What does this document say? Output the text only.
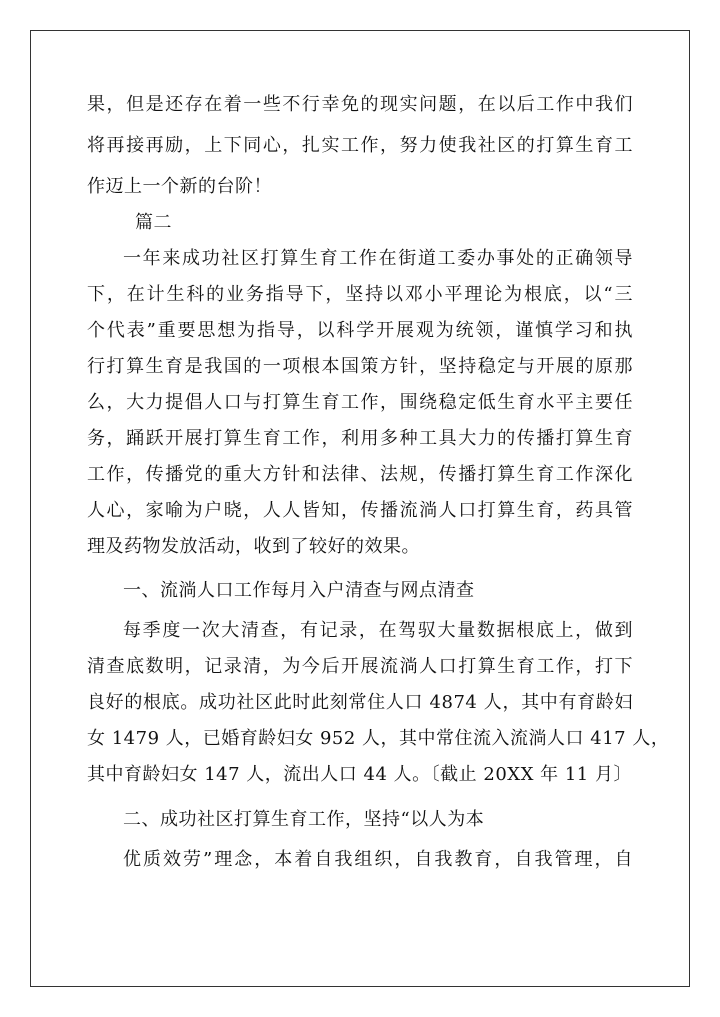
果，但是还存在着一些不行幸免的现实问题，在以后工作中我们
将再接再励，上下同心，扎实工作，努力使我社区的打算生育工
作迈上一个新的台阶！
篇二
一年来成功社区打算生育工作在街道工委办事处的正确领导
下，在计生科的业务指导下，坚持以邓小平理论为根底，以“三
个代表”重要思想为指导，以科学开展观为统领，谨慎学习和执
行打算生育是我国的一项根本国策方针，坚持稳定与开展的原那
么，大力提倡人口与打算生育工作，围绕稳定低生育水平主要任
务，踊跃开展打算生育工作，利用多种工具大力的传播打算生育
工作，传播党的重大方针和法律、法规，传播打算生育工作深化
人心，家喻为户晓，人人皆知，传播流淌人口打算生育，药具管
理及药物发放活动，收到了较好的效果。
一、流淌人口工作每月入户清查与网点清查
每季度一次大清查，有记录，在驾驭大量数据根底上，做到
清查底数明，记录清，为今后开展流淌人口打算生育工作，打下
良好的根底。成功社区此时此刻常住人口 4874 人，其中有育龄妇
女 1479 人，已婚育龄妇女 952 人，其中常住流入流淌人口 417 人，
其中育龄妇女 147 人，流出人口 44 人。〔截止 20XX 年 11 月〕
二、成功社区打算生育工作，坚持“以人为本
优质效劳”理念，本着自我组织，自我教育，自我管理，自
